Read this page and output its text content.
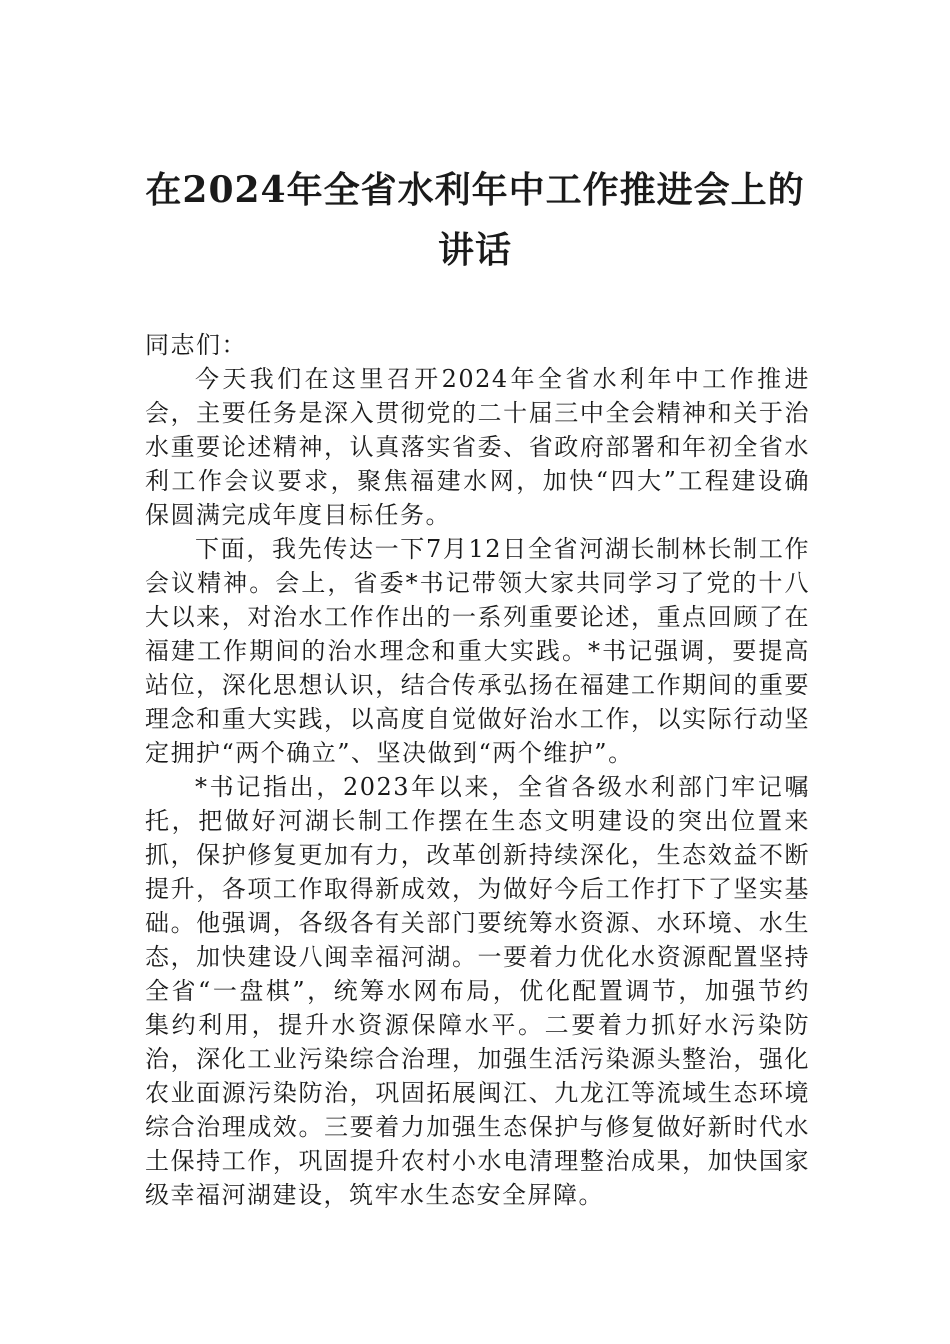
在2024年全省水利年中工作推进会上的讲话

同志们：

今天我们在这里召开2024年全省水利年中工作推进会，主要任务是深入贯彻党的二十届三中全会精神和关于治水重要论述精神，认真落实省委、省政府部署和年初全省水利工作会议要求，聚焦福建水网，加快“四大”工程建设确保圆满完成年度目标任务。

下面，我先传达一下7月12日全省河湖长制林长制工作会议精神。会上，省委*书记带领大家共同学习了党的十八大以来，对治水工作作出的一系列重要论述，重点回顾了在福建工作期间的治水理念和重大实践。*书记强调，要提高站位，深化思想认识，结合传承弘扬在福建工作期间的重要理念和重大实践，以高度自觉做好治水工作，以实际行动坚定拥护“两个确立”、坚决做到“两个维护”。

*书记指出，2023年以来，全省各级水利部门牢记嘱托，把做好河湖长制工作摆在生态文明建设的突出位置来抓，保护修复更加有力，改革创新持续深化，生态效益不断提升，各项工作取得新成效，为做好今后工作打下了坚实基础。他强调，各级各有关部门要统筹水资源、水环境、水生态，加快建设八闽幸福河湖。一要着力优化水资源配置坚持全省“一盘棋”，统筹水网布局，优化配置调节，加强节约集约利用，提升水资源保障水平。二要着力抓好水污染防治，深化工业污染综合治理，加强生活污染源头整治，强化农业面源污染防治，巩固拓展闽江、九龙江等流域生态环境综合治理成效。三要着力加强生态保护与修复做好新时代水土保持工作，巩固提升农村小水电清理整治成果，加快国家级幸福河湖建设，筑牢水生态安全屏障。
